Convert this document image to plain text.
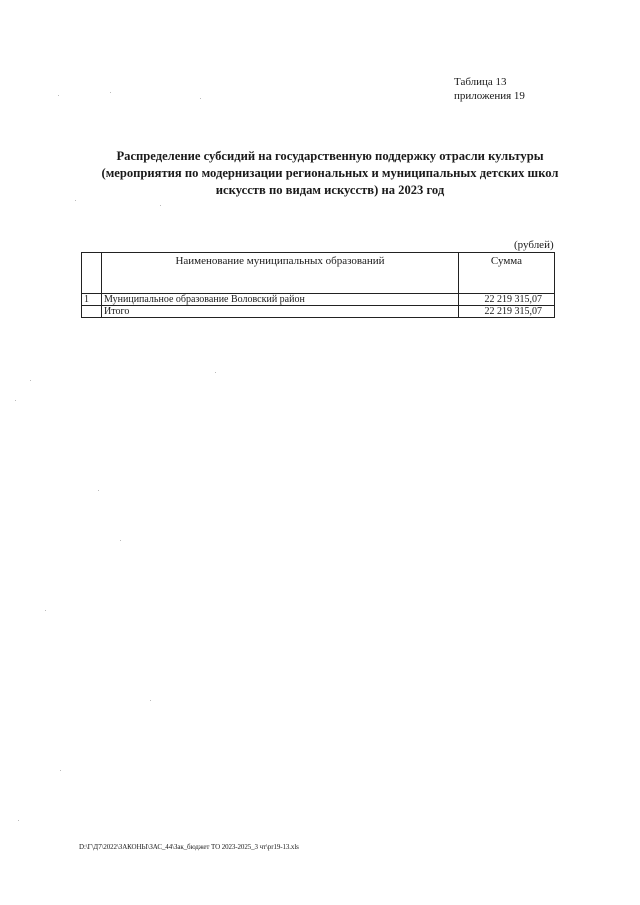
Таблица 13
приложения 19
Распределение субсидий на государственную поддержку отрасли культуры
(мероприятия по модернизации региональных и муниципальных детских школ
искусств по видам искусств) на 2023 год
(рублей)
	Наименование муниципальных образований	Сумма
1	Муниципальное образование Воловский район	22 219 315,07
	Итого	22 219 315,07
D:\Г\Д7\2022\ЗАКОНЫ\ЗАС_44\Зак_бюджет ТО 2023-2025_3 чт\pr19-13.xls
